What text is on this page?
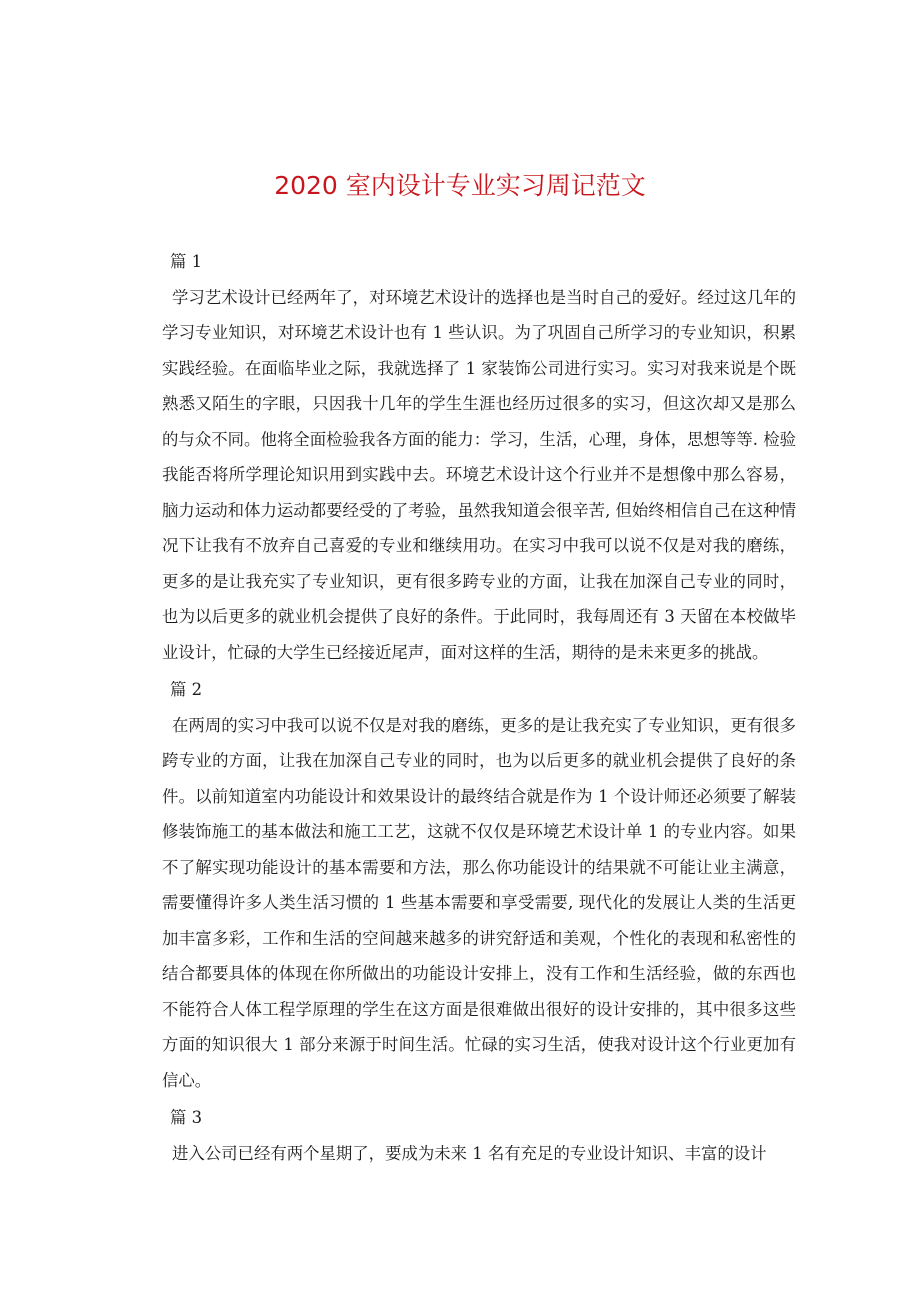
2020 室内设计专业实习周记范文
篇 1

学习艺术设计已经两年了，对环境艺术设计的选择也是当时自己的爱好。经过这几年的学习专业知识，对环境艺术设计也有 1 些认识。为了巩固自己所学习的专业知识，积累实践经验。在面临毕业之际，我就选择了 1 家装饰公司进行实习。实习对我来说是个既熟悉又陌生的字眼，只因我十几年的学生生涯也经历过很多的实习，但这次却又是那么的与众不同。他将全面检验我各方面的能力：学习，生活，心理，身体，思想等等. 检验我能否将所学理论知识用到实践中去。环境艺术设计这个行业并不是想像中那么容易，脑力运动和体力运动都要经受的了考验，虽然我知道会很辛苦, 但始终相信自己在这种情况下让我有不放弃自己喜爱的专业和继续用功。在实习中我可以说不仅是对我的磨练，更多的是让我充实了专业知识，更有很多跨专业的方面，让我在加深自己专业的同时，也为以后更多的就业机会提供了良好的条件。于此同时，我每周还有 3 天留在本校做毕业设计，忙碌的大学生已经接近尾声，面对这样的生活，期待的是未来更多的挑战。

篇 2

在两周的实习中我可以说不仅是对我的磨练，更多的是让我充实了专业知识，更有很多跨专业的方面，让我在加深自己专业的同时，也为以后更多的就业机会提供了良好的条件。以前知道室内功能设计和效果设计的最终结合就是作为 1 个设计师还必须要了解装修装饰施工的基本做法和施工工艺，这就不仅仅是环境艺术设计单 1 的专业内容。如果不了解实现功能设计的基本需要和方法，那么你功能设计的结果就不可能让业主满意，需要懂得许多人类生活习惯的 1 些基本需要和享受需要, 现代化的发展让人类的生活更加丰富多彩，工作和生活的空间越来越多的讲究舒适和美观，个性化的表现和私密性的结合都要具体的体现在你所做出的功能设计安排上，没有工作和生活经验，做的东西也不能符合人体工程学原理的学生在这方面是很难做出很好的设计安排的，其中很多这些方面的知识很大 1 部分来源于时间生活。忙碌的实习生活，使我对设计这个行业更加有信心。

篇 3

进入公司已经有两个星期了，要成为未来 1 名有充足的专业设计知识、丰富的设计
